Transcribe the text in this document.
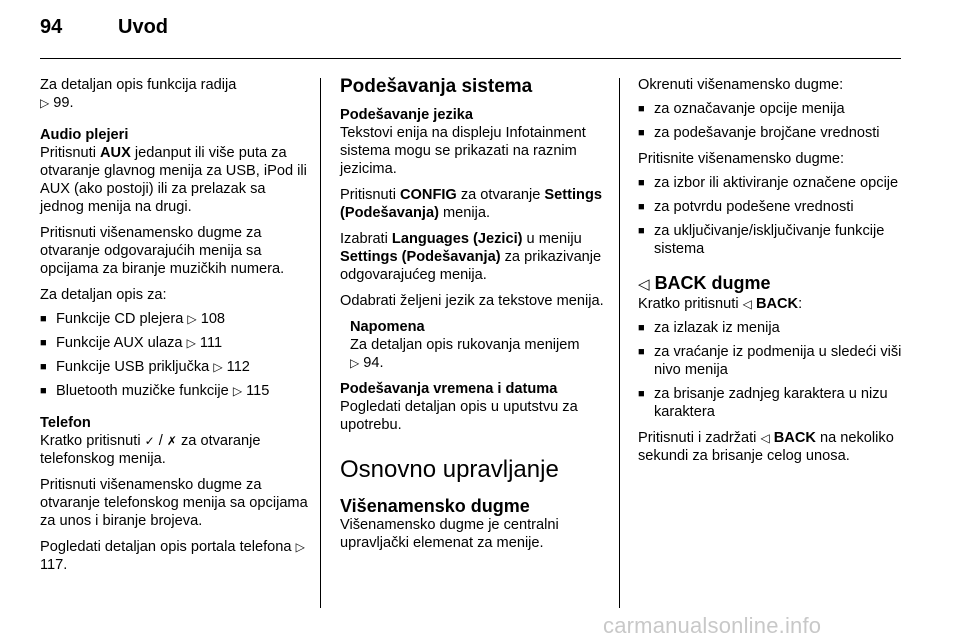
94	Uvod

Za detaljan opis funkcija radija
▷ 99.

Audio plejeri
Pritisnuti AUX jedanput ili više puta za otvaranje glavnog menija za USB, iPod ili AUX (ako postoji) ili za prelazak sa jednog menija na drugi.

Pritisnuti višenamensko dugme za otvaranje odgovarajućih menija sa opcijama za biranje muzičkih numera.

Za detaljan opis za:

■ Funkcije CD plejera ▷ 108
■ Funkcije AUX ulaza ▷ 111
■ Funkcije USB priključka ▷ 112
■ Bluetooth muzičke funkcije ▷ 115

Telefon
Kratko pritisnuti ✓ / ✗ za otvaranje telefonskog menija.

Pritisnuti višenamensko dugme za otvaranje telefonskog menija sa opcijama za unos i biranje brojeva.

Pogledati detaljan opis portala telefona ▷ 117.

Podešavanja sistema

Podešavanje jezika
Tekstovi enija na displeju Infotainment sistema mogu se prikazati na raznim jezicima.

Pritisnuti CONFIG za otvaranje Settings (Podešavanja) menija.

Izabrati Languages (Jezici) u meniju Settings (Podešavanja) za prikazivanje odgovarajućeg menija.

Odabrati željeni jezik za tekstove menija.

Napomena
Za detaljan opis rukovanja menijem
▷ 94.

Podešavanja vremena i datuma
Pogledati detaljan opis u uputstvu za upotrebu.

Osnovno upravljanje
Višenamensko dugme

Višenamensko dugme je centralni upravljački elemenat za menije.

Okrenuti višenamensko dugme:

■ za označavanje opcije menija
■ za podešavanje brojčane vrednosti

Pritisnite višenamensko dugme:

■ za izbor ili aktiviranje označene opcije
■ za potvrdu podešene vrednosti
■ za uključivanje/isključivanje funkcije sistema
◁ BACK dugme

Kratko pritisnuti ◁ BACK:

■ za izlazak iz menija
■ za vraćanje iz podmenija u sledeći viši nivo menija
■ za brisanje zadnjeg karaktera u nizu karaktera

Pritisnuti i zadržati ◁ BACK na nekoliko sekundi za brisanje celog unosa.

carmanualsonline.info
